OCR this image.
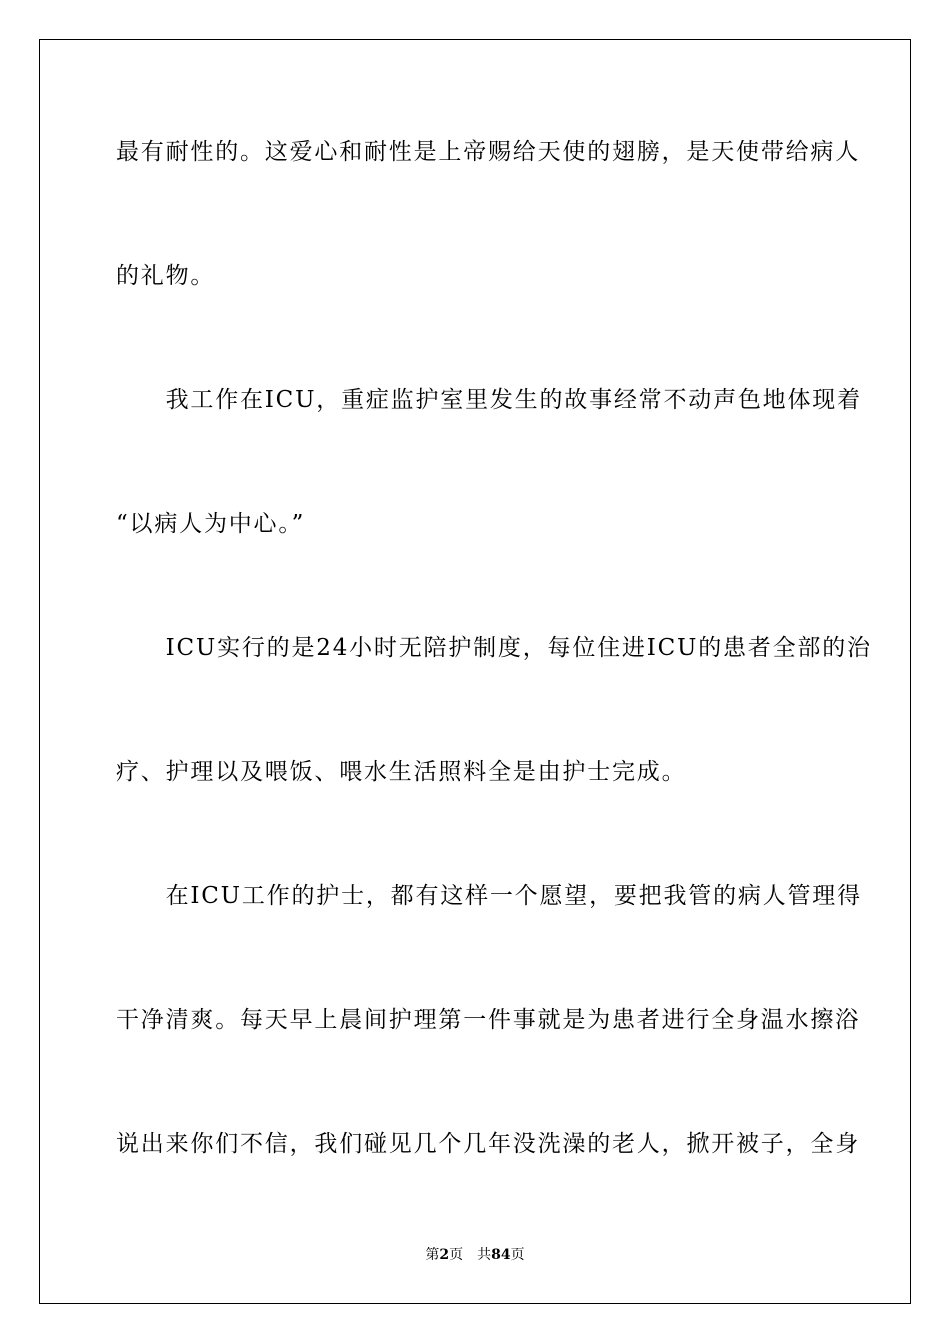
最有耐性的。这爱心和耐性是上帝赐给天使的翅膀，是天使带给病人
的礼物。
　　我工作在ICU，重症监护室里发生的故事经常不动声色地体现着
“以病人为中心。”
　　ICU实行的是24小时无陪护制度，每位住进ICU的患者全部的治
疗、护理以及喂饭、喂水生活照料全是由护士完成。
　　在ICU工作的护士，都有这样一个愿望，要把我管的病人管理得
干净清爽。每天早上晨间护理第一件事就是为患者进行全身温水擦浴
说出来你们不信，我们碰见几个几年没洗澡的老人，掀开被子，全身
第2页 共84页
